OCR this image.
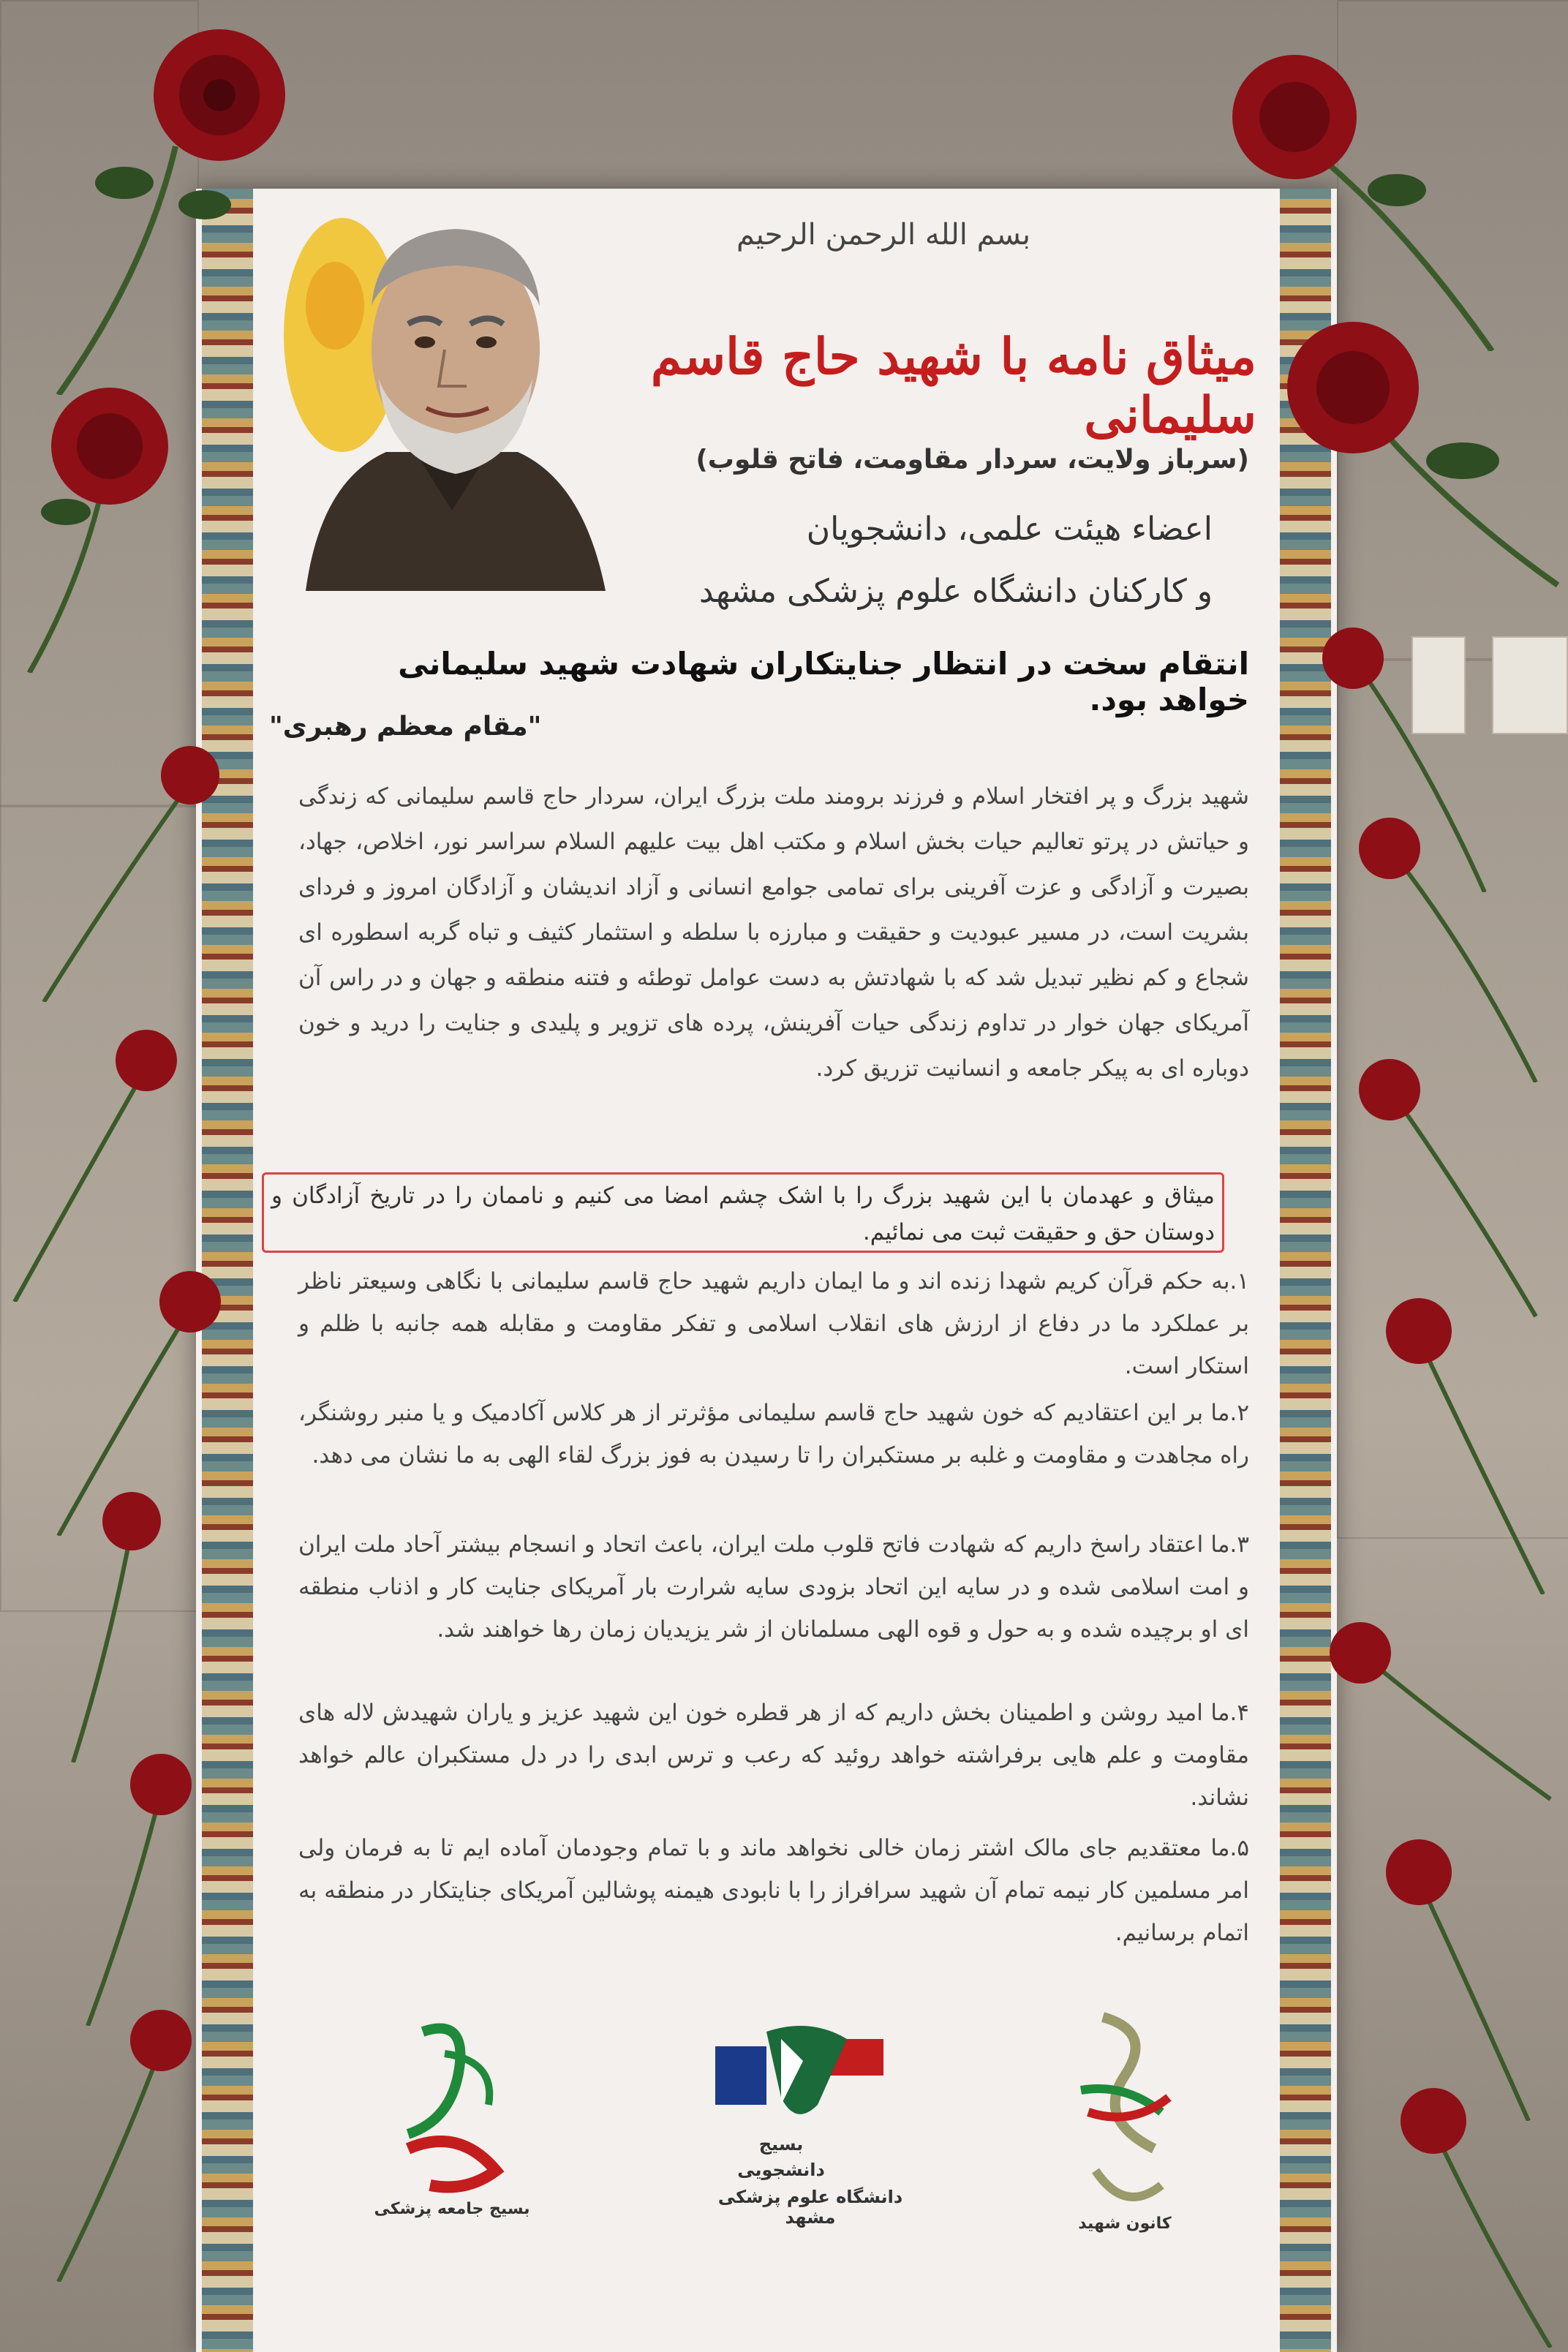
بسم الله الرحمن الرحیم
میثاق نامه با شهید حاج قاسم سلیمانی
(سرباز ولایت، سردار مقاومت، فاتح قلوب)
اعضاء هیئت علمی، دانشجویان
و کارکنان دانشگاه علوم پزشکی مشهد
انتقام سخت در انتظار جنایتکاران شهادت شهید سلیمانی خواهد بود.
"مقام معظم رهبری"
شهید بزرگ و پر افتخار اسلام و فرزند برومند ملت بزرگ ایران، سردار حاج قاسم سلیمانی که زندگی و حیاتش در پرتو تعالیم حیات بخش اسلام و مکتب اهل بیت علیهم السلام سراسر نور، اخلاص، جهاد، بصیرت و آزادگی و عزت آفرینی برای تمامی جوامع انسانی و آزاد اندیشان و آزادگان امروز و فردای بشریت است، در مسیر عبودیت و حقیقت و مبارزه با سلطه و استثمار کثیف و تباه گربه اسطوره ای شجاع و کم نظیر تبدیل شد که با شهادتش به دست عوامل توطئه و فتنه منطقه و جهان و در راس آن آمریکای جهان خوار در تداوم زندگی حیات آفرینش، پرده های تزویر و پلیدی و جنایت را درید و خون دوباره ای به پیکر جامعه و انسانیت تزریق کرد.
میثاق و عهدمان با این شهید بزرگ را با اشک چشم امضا می کنیم و ناممان را در تاریخ آزادگان و دوستان حق و حقیقت ثبت می نمائیم.
۱.به حکم قرآن کریم شهدا زنده اند و ما ایمان داریم شهید حاج قاسم سلیمانی با نگاهی وسیعتر ناظر بر عملکرد ما در دفاع از ارزش های انقلاب اسلامی و تفکر مقاومت و مقابله همه جانبه با ظلم و استکار است.
۲.ما بر این اعتقادیم که خون شهید حاج قاسم سلیمانی مؤثرتر از هر کلاس آکادمیک و یا منبر روشنگر، راه مجاهدت و مقاومت و غلبه بر مستکبران را تا رسیدن به فوز بزرگ لقاء الهی به ما نشان می دهد.
۳.ما اعتقاد راسخ داریم که شهادت فاتح قلوب ملت ایران، باعث اتحاد و انسجام بیشتر آحاد ملت ایران و امت اسلامی شده و در سایه این اتحاد بزودی سایه شرارت بار آمریکای جنایت کار و اذناب منطقه ای او برچیده شده و به حول و قوه الهی مسلمانان از شر یزیدیان زمان رها خواهند شد.
۴.ما امید روشن و اطمینان بخش داریم که از هر قطره خون این شهید عزیز و یاران شهیدش لاله های مقاومت و علم هایی برفراشته خواهد روئید که رعب و ترس ابدی را در دل مستکبران عالم خواهد نشاند.
۵.ما معتقدیم جای مالک اشتر زمان خالی نخواهد ماند و با تمام وجودمان آماده ایم تا به فرمان ولی امر مسلمین کار نیمه تمام آن شهید سرافراز را با نابودی هیمنه پوشالین آمریکای جنایتکار در منطقه به اتمام برسانیم.
بسیج جامعه پزشکی
بسیج
دانشجویی
دانشگاه علوم پزشکی مشهد	کانون شهید
